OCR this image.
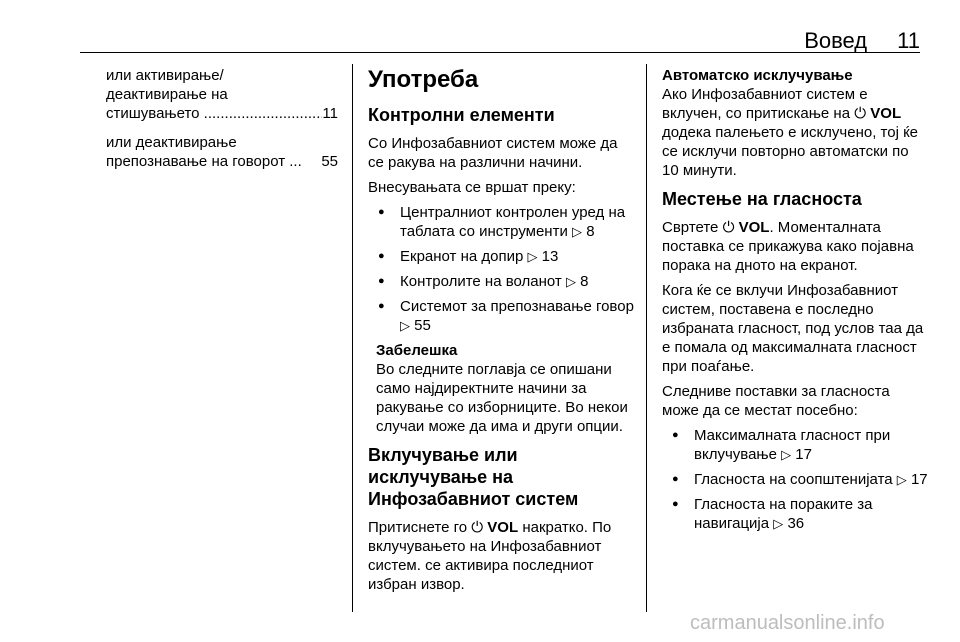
Вовед 11
или активирање/
деактивирање на
стишувањето .....	11
или деактивирање
препознавање на говорот ...	55
Употреба
Контролни елементи

Со Инфозабавниот систем може да се ракува на различни начини.

Внесувањата се вршат преку:

● Централниот контролен уред на таблата со инструменти ▷ 8
● Екранот на допир ▷ 13
● Контролите на воланот ▷ 8
● Системот за препознавање говор ▷ 55
Забелешка
Во следните поглавја се опишани само најдиректните начини за ракување со изборниците. Во некои случаи може да има и други опции.
Вклучување или исклучување на Инфозабавниот систем

Притиснете го ⏻ VOL накратко. По вклучувањето на Инфозабавниот систем. се активира последниот избран извор.

Автоматско исклучување

Ако Инфозабавниот систем е вклучен, со притискање на ⏻ VOL додека палењето е исклучено, тој ќе се исклучи повторно автоматски по 10 минути.

Местење на гласноста

Свртете ⏻ VOL. Моменталната поставка се прикажува како појавна порака на дното на екранот.

Кога ќе се вклучи Инфозабавниот систем, поставена е последно избраната гласност, под услов таа да е помала од максималната гласност при поаѓање.

Следниве поставки за гласноста може да се местат посебно:

● Максималната гласност при вклучување ▷ 17
● Гласноста на соопштенијата ▷ 17
● Гласноста на пораките за навигација ▷ 36
carmanualsonline.info
